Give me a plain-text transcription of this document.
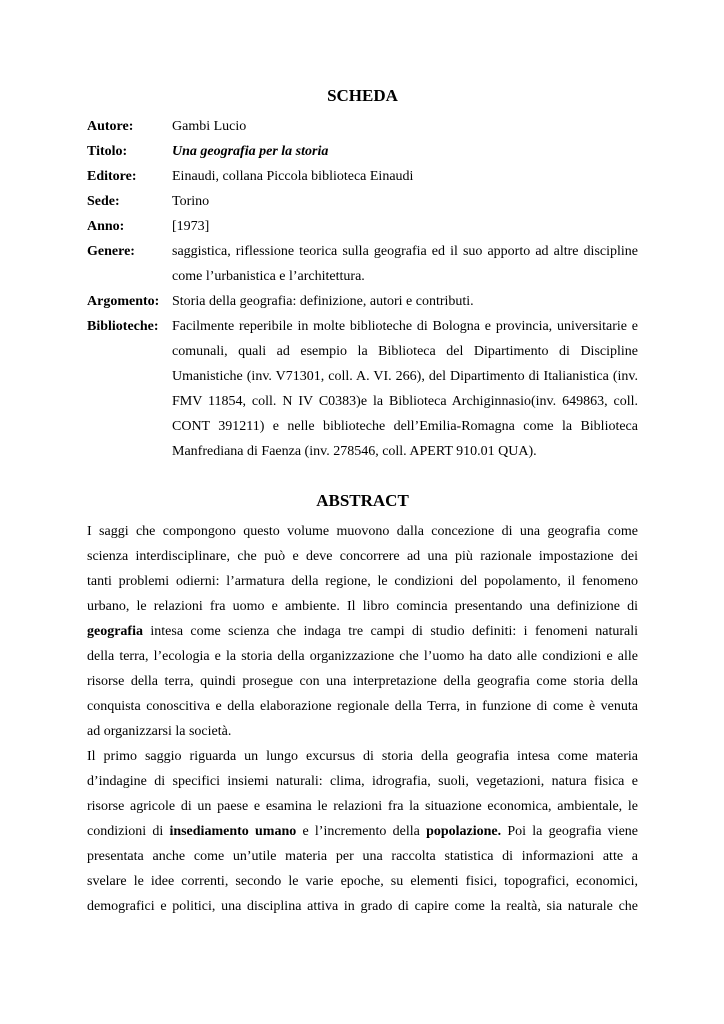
SCHEDA
Autore:	Gambi Lucio
Titolo:	Una geografia per la storia
Editore:	Einaudi, collana Piccola biblioteca Einaudi
Sede:	Torino
Anno:	[1973]
Genere:	saggistica, riflessione teorica sulla geografia ed il suo apporto ad altre discipline come l’urbanistica e l’architettura.
Argomento: Storia della geografia: definizione, autori e contributi.
Biblioteche: Facilmente reperibile in molte biblioteche di Bologna e provincia, universitarie e comunali, quali ad esempio la Biblioteca del Dipartimento di Discipline Umanistiche (inv. V71301, coll. A. VI. 266), del Dipartimento di Italianistica (inv. FMV 11854, coll. N IV C0383)e la Biblioteca Archiginnasio(inv. 649863, coll. CONT 391211) e nelle biblioteche dell’Emilia-Romagna come la Biblioteca Manfrediana di Faenza (inv. 278546, coll. APERT 910.01 QUA).
ABSTRACT

I saggi che compongono questo volume muovono dalla concezione di una geografia come
scienza interdisciplinare, che può e deve concorrere ad una più razionale impostazione dei
tanti problemi odierni: l’armatura della regione, le condizioni del popolamento, il fenomeno
urbano, le relazioni fra uomo e ambiente. Il libro comincia presentando una definizione di
geografia intesa come scienza che indaga tre campi di studio definiti: i fenomeni naturali
della terra, l’ecologia e la storia della organizzazione che l’uomo ha dato alle condizioni e alle
risorse della terra, quindi prosegue con una interpretazione della geografia come storia della
conquista conoscitiva e della elaborazione regionale della Terra, in funzione di come è venuta
ad organizzarsi la società.

Il primo saggio riguarda un lungo excursus di storia della geografia intesa come materia
d’indagine di specifici insiemi naturali: clima, idrografia, suoli, vegetazioni, natura fisica e
risorse agricole di un paese e esamina le relazioni fra la situazione economica, ambientale, le
condizioni di insediamento umano e l’incremento della popolazione. Poi la geografia viene
presentata anche come un’utile materia per una raccolta statistica di informazioni atte a
svelare le idee correnti, secondo le varie epoche, su elementi fisici, topografici, economici,
demografici e politici, una disciplina attiva in grado di capire come la realtà, sia naturale che
